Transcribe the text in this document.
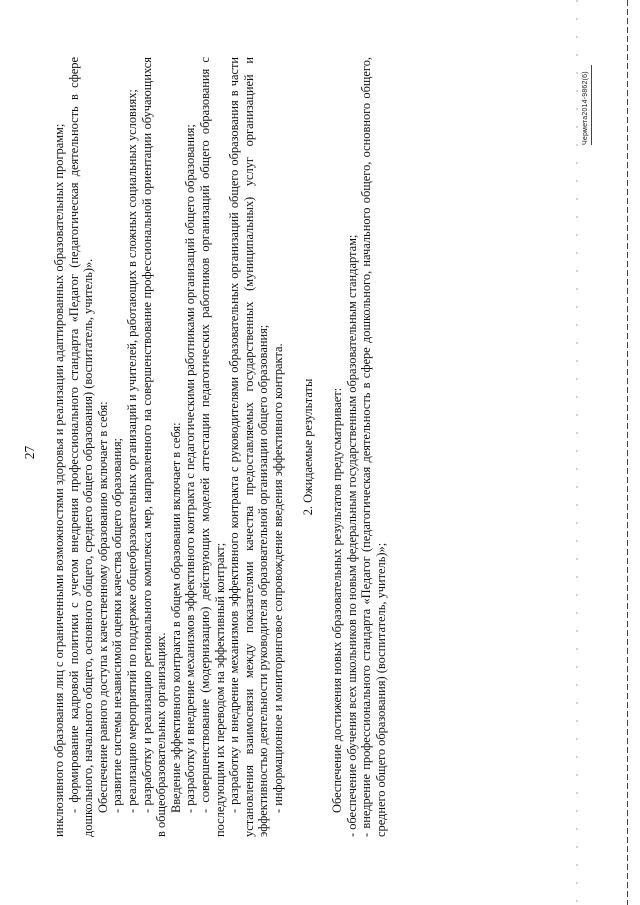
27 инклюзивного образования лиц с ограниченными возможностями здоровья и реализации адаптированных образовательных программ; - формирование кадровой политики с учетом внедрения профессионального стандарта «Педагог (педагогическая деятельность в сфере дошкольного, начального общего, основного общего, среднего общего образования) (воспитатель, учитель)». Обеспечение равного доступа к качественному образованию включает в себя: - развитие системы независимой оценки качества общего образования; - реализацию мероприятий по поддержке общеобразовательных организаций и учителей, работающих в сложных социальных условиях; - разработку и реализацию регионального комплекса мер, направленного на совершенствование профессиональной ориентации обучающихся в общеобразовательных организациях. Введение эффективного контракта в общем образовании включает в себя: - разработку и внедрение механизмов эффективного контракта с педагогическими работниками организаций общего образования; - совершенствование (модернизацию) действующих моделей аттестации педагогических работников организаций общего образования с последующим их переводом на эффективный контракт; - разработку и внедрение механизмов эффективного контракта с руководителями образовательных организаций общего образования в части установления взаимосвязи между показателями качества предоставляемых государственных (муниципальных) услуг организацией и эффективностью деятельности руководителя образовательной организации общего образования; - информационное и мониторинговое сопровождение введения эффективного контракта. 2. Ожидаемые результаты Обеспечение достижения новых образовательных результатов предусматривает: - обеспечение обучения всех школьников по новым федеральным государственным образовательным стандартам; - внедрение профессионального стандарта «Педагог (педагогическая деятельность в сфере дошкольного, начального общего, основного общего, среднего общего образования) (воспитатель, учитель)»;

Чермета2014-9862(6)
